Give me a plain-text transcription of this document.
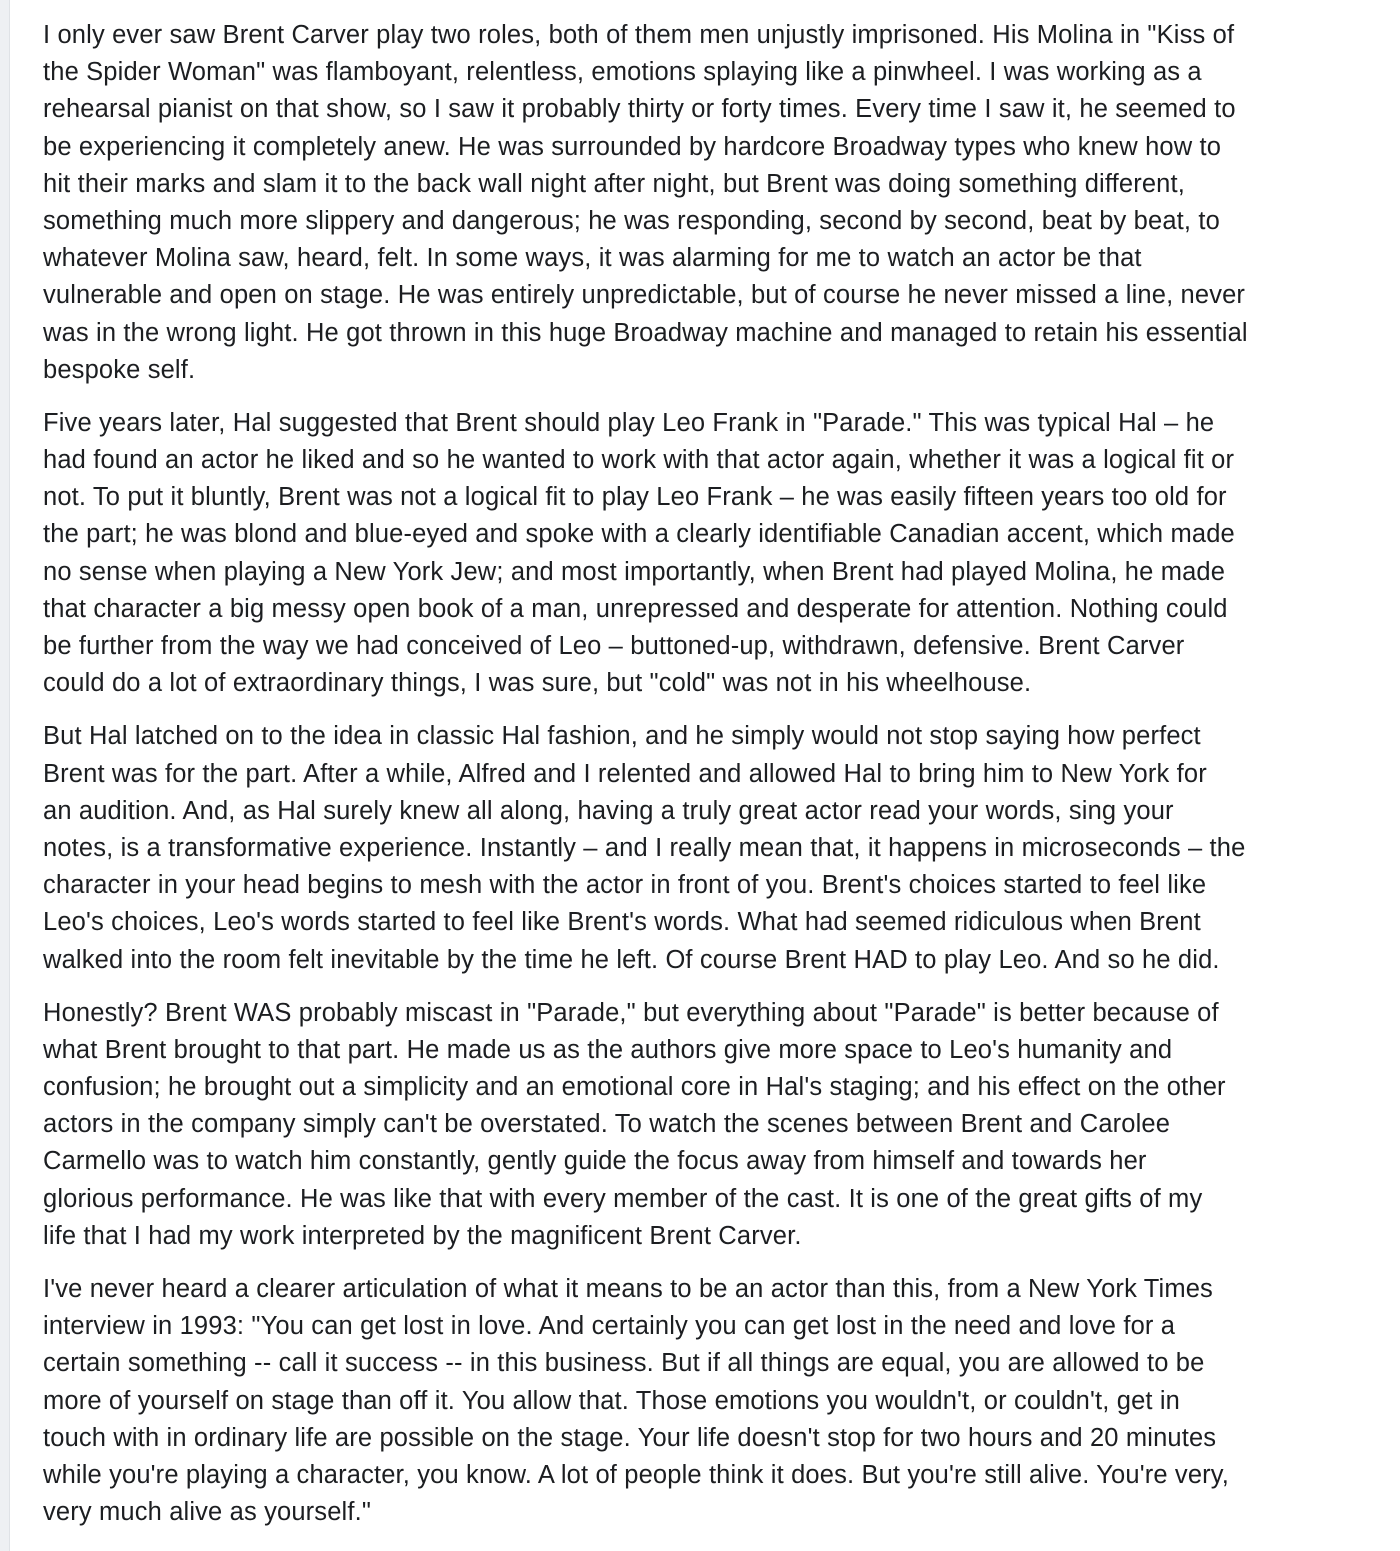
I only ever saw Brent Carver play two roles, both of them men unjustly imprisoned. His Molina in "Kiss of
the Spider Woman" was flamboyant, relentless, emotions splaying like a pinwheel. I was working as a
rehearsal pianist on that show, so I saw it probably thirty or forty times. Every time I saw it, he seemed to
be experiencing it completely anew. He was surrounded by hardcore Broadway types who knew how to
hit their marks and slam it to the back wall night after night, but Brent was doing something different,
something much more slippery and dangerous; he was responding, second by second, beat by beat, to
whatever Molina saw, heard, felt. In some ways, it was alarming for me to watch an actor be that
vulnerable and open on stage. He was entirely unpredictable, but of course he never missed a line, never
was in the wrong light. He got thrown in this huge Broadway machine and managed to retain his essential
bespoke self.
Five years later, Hal suggested that Brent should play Leo Frank in "Parade." This was typical Hal – he
had found an actor he liked and so he wanted to work with that actor again, whether it was a logical fit or
not. To put it bluntly, Brent was not a logical fit to play Leo Frank – he was easily fifteen years too old for
the part; he was blond and blue-eyed and spoke with a clearly identifiable Canadian accent, which made
no sense when playing a New York Jew; and most importantly, when Brent had played Molina, he made
that character a big messy open book of a man, unrepressed and desperate for attention. Nothing could
be further from the way we had conceived of Leo – buttoned-up, withdrawn, defensive. Brent Carver
could do a lot of extraordinary things, I was sure, but "cold" was not in his wheelhouse.
But Hal latched on to the idea in classic Hal fashion, and he simply would not stop saying how perfect
Brent was for the part. After a while, Alfred and I relented and allowed Hal to bring him to New York for
an audition. And, as Hal surely knew all along, having a truly great actor read your words, sing your
notes, is a transformative experience. Instantly – and I really mean that, it happens in microseconds – the
character in your head begins to mesh with the actor in front of you. Brent's choices started to feel like
Leo's choices, Leo's words started to feel like Brent's words. What had seemed ridiculous when Brent
walked into the room felt inevitable by the time he left. Of course Brent HAD to play Leo. And so he did.
Honestly? Brent WAS probably miscast in "Parade," but everything about "Parade" is better because of
what Brent brought to that part. He made us as the authors give more space to Leo's humanity and
confusion; he brought out a simplicity and an emotional core in Hal's staging; and his effect on the other
actors in the company simply can't be overstated. To watch the scenes between Brent and Carolee
Carmello was to watch him constantly, gently guide the focus away from himself and towards her
glorious performance. He was like that with every member of the cast. It is one of the great gifts of my
life that I had my work interpreted by the magnificent Brent Carver.
I've never heard a clearer articulation of what it means to be an actor than this, from a New York Times
interview in 1993: "You can get lost in love. And certainly you can get lost in the need and love for a
certain something -- call it success -- in this business. But if all things are equal, you are allowed to be
more of yourself on stage than off it. You allow that. Those emotions you wouldn't, or couldn't, get in
touch with in ordinary life are possible on the stage. Your life doesn't stop for two hours and 20 minutes
while you're playing a character, you know. A lot of people think it does. But you're still alive. You're very,
very much alive as yourself."
